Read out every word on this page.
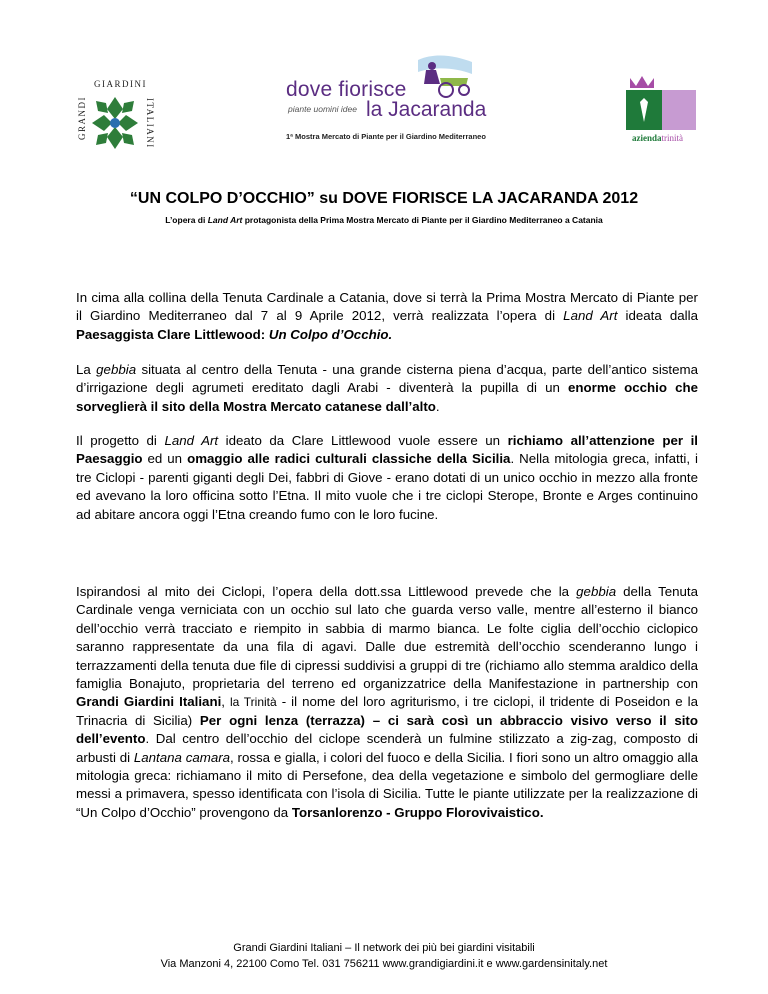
GIARDINI
GRANDI	ITALIANI
dove fiorisce
piante uomini idee la Jacaranda
1ª Mostra Mercato di Piante per il Giardino Mediterraneo	aziendatrinità
“UN COLPO D’OCCHIO” su DOVE FIORISCE LA JACARANDA 2012
L’opera di Land Art protagonista della Prima Mostra Mercato di Piante per il Giardino Mediterraneo a Catania
In cima alla collina della Tenuta Cardinale a Catania, dove si terrà la Prima Mostra Mercato di Piante per il Giardino Mediterraneo dal 7 al 9 Aprile 2012, verrà realizzata l’opera di Land Art ideata dalla Paesaggista Clare Littlewood: Un Colpo d’Occhio.
La gebbia situata al centro della Tenuta - una grande cisterna piena d’acqua, parte dell’antico sistema d’irrigazione degli agrumeti ereditato dagli Arabi - diventerà la pupilla di un enorme occhio che sorveglierà il sito della Mostra Mercato catanese dall’alto.
Il progetto di Land Art ideato da Clare Littlewood vuole essere un richiamo all’attenzione per il Paesaggio ed un omaggio alle radici culturali classiche della Sicilia. Nella mitologia greca, infatti, i tre Ciclopi - parenti giganti degli Dei, fabbri di Giove - erano dotati di un unico occhio in mezzo alla fronte ed avevano la loro officina sotto l’Etna. Il mito vuole che i tre ciclopi Sterope, Bronte e Arges continuino ad abitare ancora oggi l’Etna creando fumo con le loro fucine.
Ispirandosi al mito dei Ciclopi, l’opera della dott.ssa Littlewood prevede che la gebbia della Tenuta Cardinale venga verniciata con un occhio sul lato che guarda verso valle, mentre all’esterno il bianco dell’occhio verrà tracciato e riempito in sabbia di marmo bianca. Le folte ciglia dell’occhio ciclopico saranno rappresentate da una fila di agavi. Dalle due estremità dell’occhio scenderanno lungo i terrazzamenti della tenuta due file di cipressi suddivisi a gruppi di tre (richiamo allo stemma araldico della famiglia Bonajuto, proprietaria del terreno ed organizzatrice della Manifestazione in partnership con Grandi Giardini Italiani, la Trinità - il nome del loro agriturismo, i tre ciclopi, il tridente di Poseidon e la Trinacria di Sicilia) Per ogni lenza (terrazza) – ci sarà così un abbraccio visivo verso il sito dell’evento. Dal centro dell’occhio del ciclope scenderà un fulmine stilizzato a zig-zag, composto di arbusti di Lantana camara, rossa e gialla, i colori del fuoco e della Sicilia. I fiori sono un altro omaggio alla mitologia greca: richiamano il mito di Persefone, dea della vegetazione e simbolo del germogliare delle messi a primavera, spesso identificata con l’isola di Sicilia. Tutte le piante utilizzate per la realizzazione di “Un Colpo d’Occhio” provengono da Torsanlorenzo - Gruppo Florovivaistico.
Grandi Giardini Italiani – Il network dei più bei giardini visitabili
Via Manzoni 4, 22100 Como Tel. 031 756211 www.grandigiardini.it e www.gardensinitaly.net
